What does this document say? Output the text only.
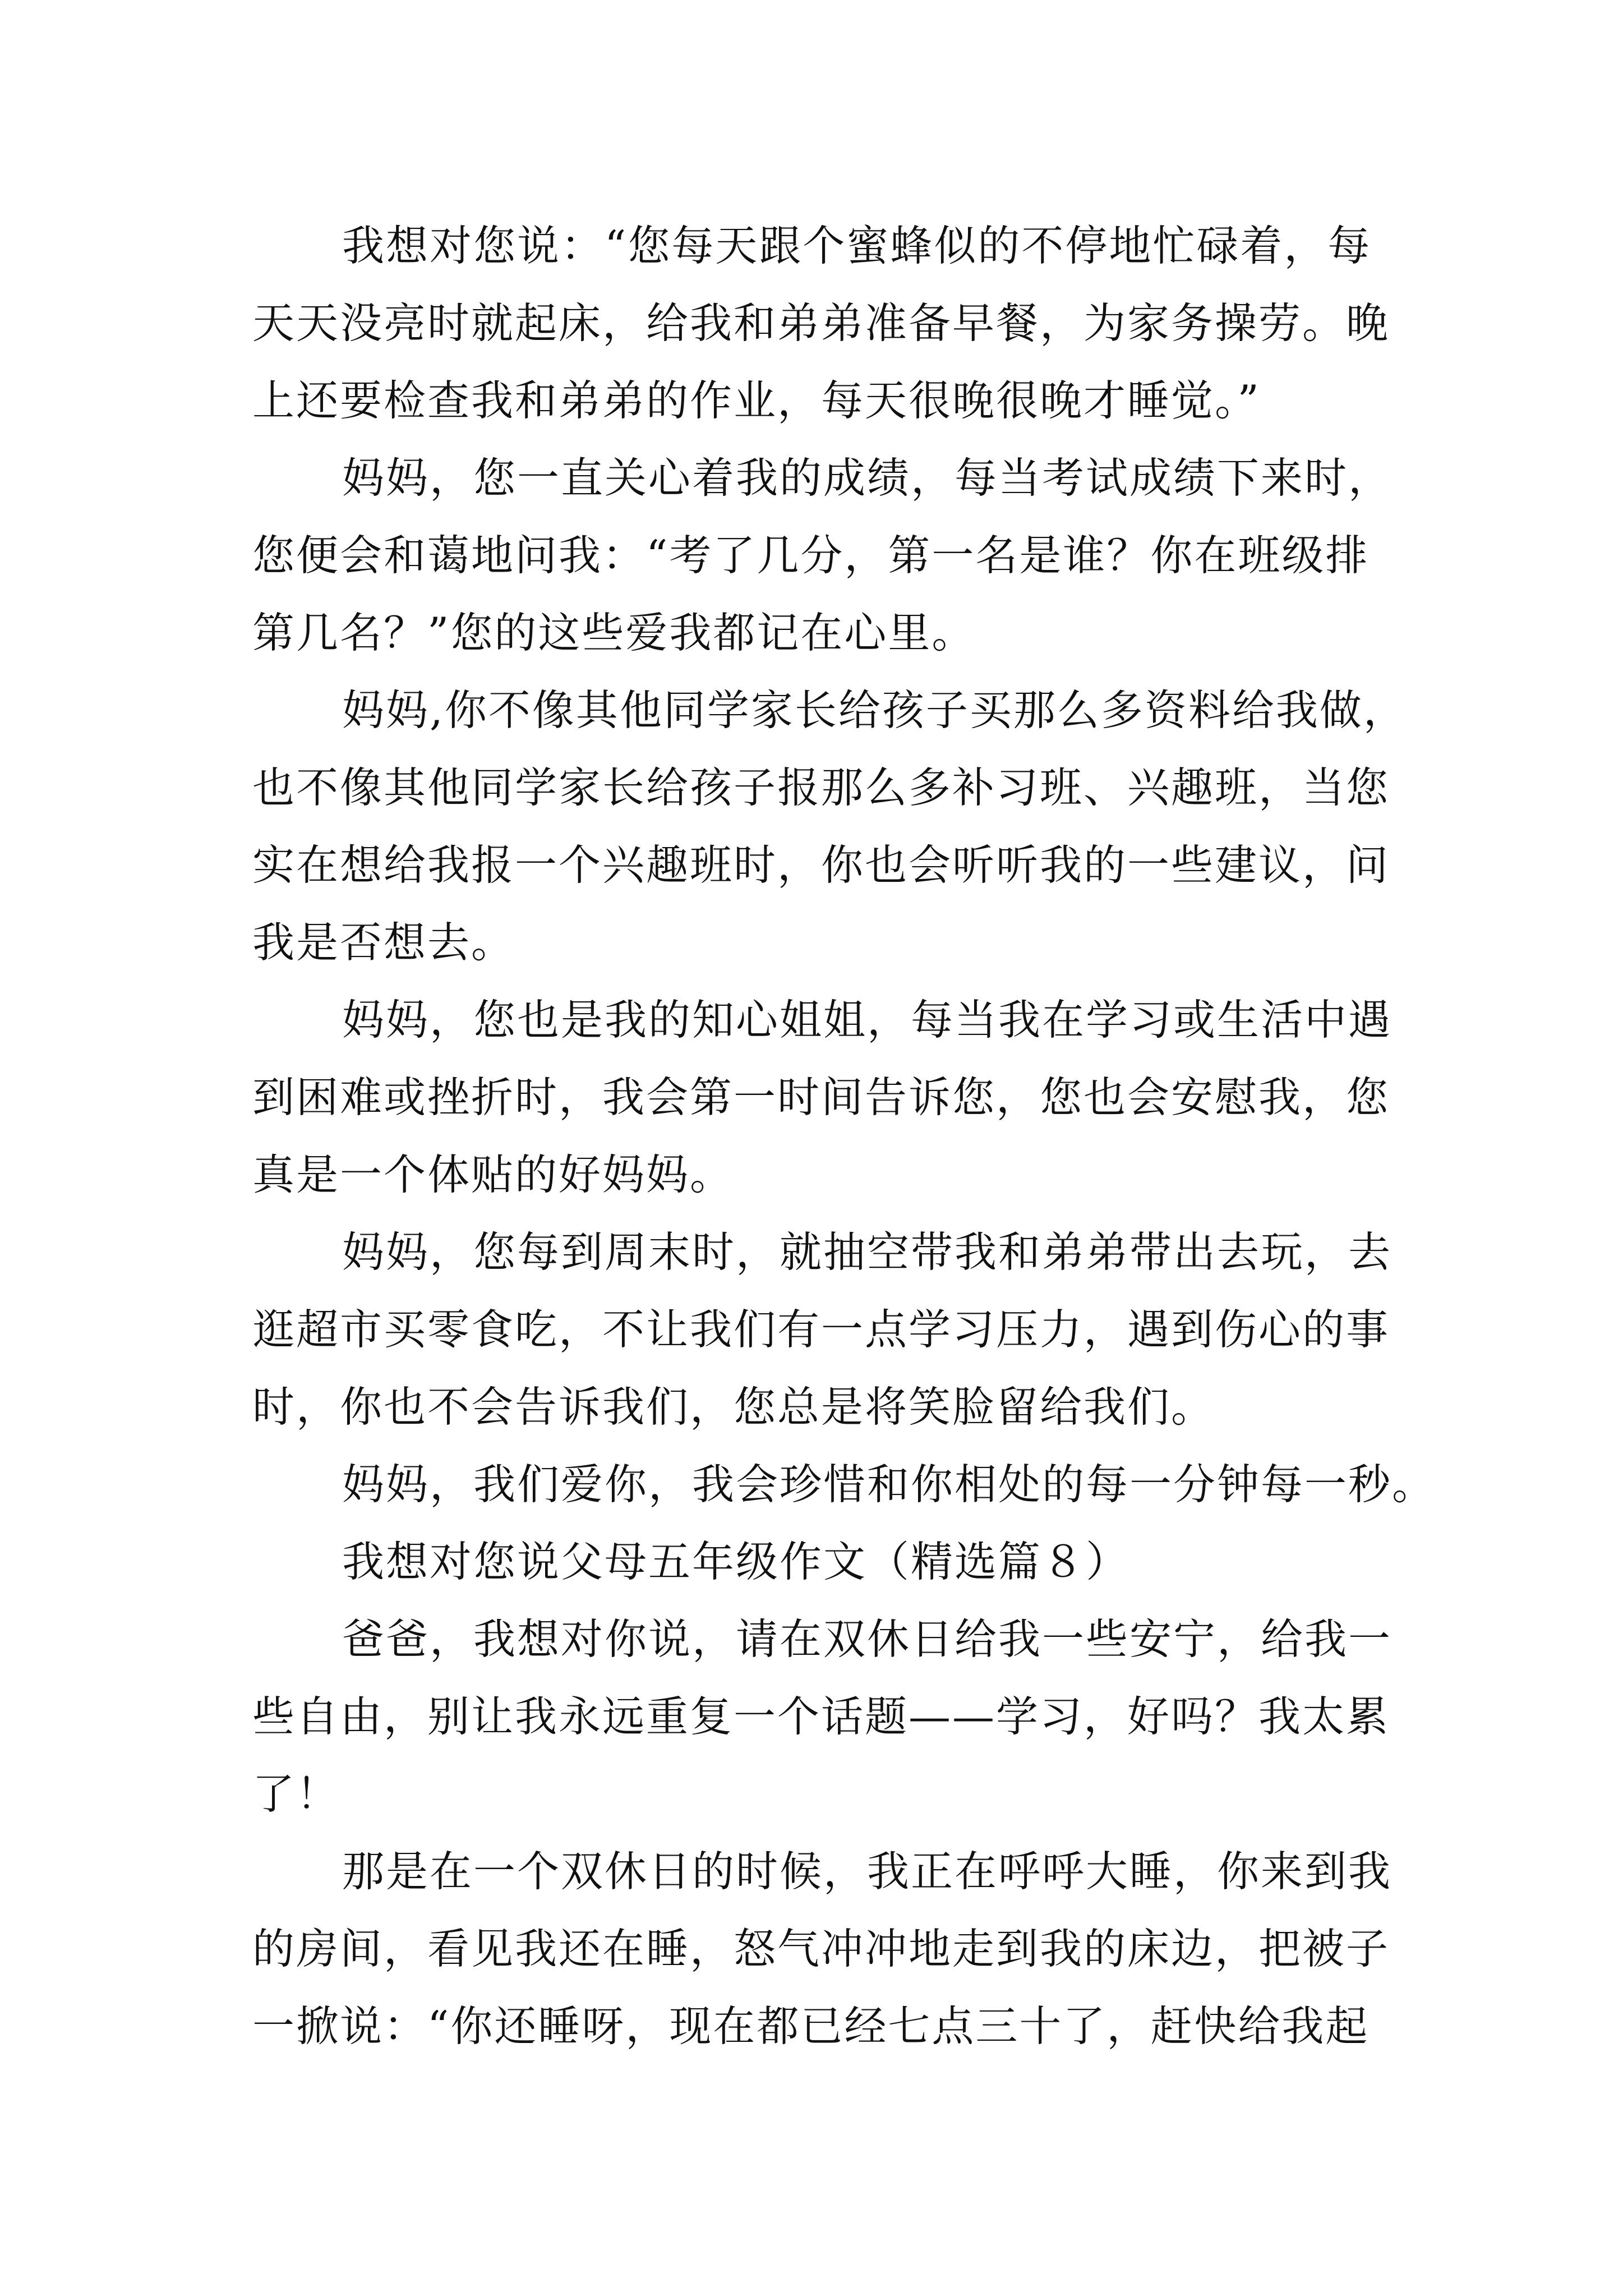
我想对您说：“您每天跟个蜜蜂似的不停地忙碌着，每
天天没亮时就起床，给我和弟弟准备早餐，为家务操劳。晚
上还要检查我和弟弟的作业，每天很晚很晚才睡觉。”
妈妈，您一直关心着我的成绩，每当考试成绩下来时，
您便会和蔼地问我：“考了几分，第一名是谁？你在班级排
第几名？”您的这些爱我都记在心里。
妈妈,你不像其他同学家长给孩子买那么多资料给我做，
也不像其他同学家长给孩子报那么多补习班、兴趣班，当您
实在想给我报一个兴趣班时，你也会听听我的一些建议，问
我是否想去。
妈妈，您也是我的知心姐姐，每当我在学习或生活中遇
到困难或挫折时，我会第一时间告诉您，您也会安慰我，您
真是一个体贴的好妈妈。
妈妈，您每到周末时，就抽空带我和弟弟带出去玩，去
逛超市买零食吃，不让我们有一点学习压力，遇到伤心的事
时，你也不会告诉我们，您总是将笑脸留给我们。
妈妈，我们爱你，我会珍惜和你相处的每一分钟每一秒。
我想对您说父母五年级作文（精选篇８）
爸爸，我想对你说，请在双休日给我一些安宁，给我一
些自由，别让我永远重复一个话题——学习，好吗？我太累
了！
那是在一个双休日的时候，我正在呼呼大睡，你来到我
的房间，看见我还在睡，怒气冲冲地走到我的床边，把被子
一掀说：“你还睡呀，现在都已经七点三十了，赶快给我起
